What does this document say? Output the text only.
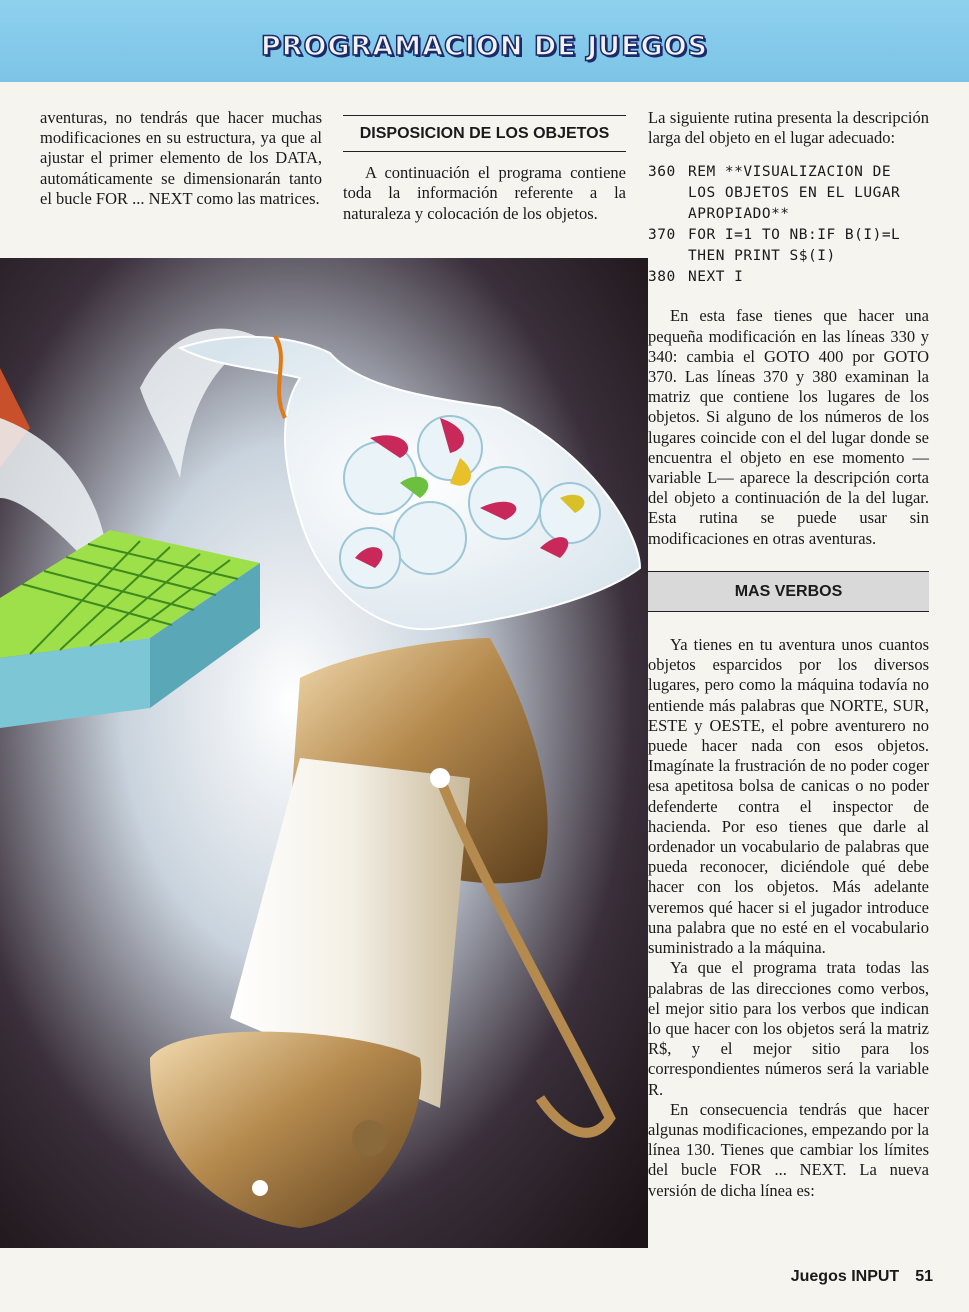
PROGRAMACION DE JUEGOS

aventuras, no tendrás que hacer muchas modificaciones en su estructura, ya que al ajustar el primer elemento de los DATA, automáticamente se dimensionarán tanto el bucle FOR ... NEXT como las matrices.

DISPOSICION DE LOS OBJETOS

A continuación el programa contiene toda la información referente a la naturaleza y colocación de los objetos.

La siguiente rutina presenta la descripción larga del objeto en el lugar adecuado:

360 REM **VISUALIZACION DE
LOS OBJETOS EN EL LUGAR
APROPIADO**
370 FOR I=1 TO NB:IF B(I)=L
THEN PRINT S$(I)
380 NEXT I

En esta fase tienes que hacer una pequeña modificación en las líneas 330 y 340: cambia el GOTO 400 por GOTO 370. Las líneas 370 y 380 examinan la matriz que contiene los lugares de los objetos. Si alguno de los números de los lugares coincide con el del lugar donde se encuentra el objeto en ese momento —variable L— aparece la descripción corta del objeto a continuación de la del lugar. Esta rutina se puede usar sin modificaciones en otras aventuras.

MAS VERBOS

Ya tienes en tu aventura unos cuantos objetos esparcidos por los diversos lugares, pero como la máquina todavía no entiende más palabras que NORTE, SUR, ESTE y OESTE, el pobre aventurero no puede hacer nada con esos objetos. Imagínate la frustración de no poder coger esa apetitosa bolsa de canicas o no poder defenderte contra el inspector de hacienda. Por eso tienes que darle al ordenador un vocabulario de palabras que pueda reconocer, diciéndole qué debe hacer con los objetos. Más adelante veremos qué hacer si el jugador introduce una palabra que no esté en el vocabulario suministrado a la máquina.

Ya que el programa trata todas las palabras de las direcciones como verbos, el mejor sitio para los verbos que indican lo que hacer con los objetos será la matriz R$, y el mejor sitio para los correspondientes números será la variable R.

En consecuencia tendrás que hacer algunas modificaciones, empezando por la línea 130. Tienes que cambiar los límites del bucle FOR ... NEXT. La nueva versión de dicha línea es:

Juegos INPUT 51
